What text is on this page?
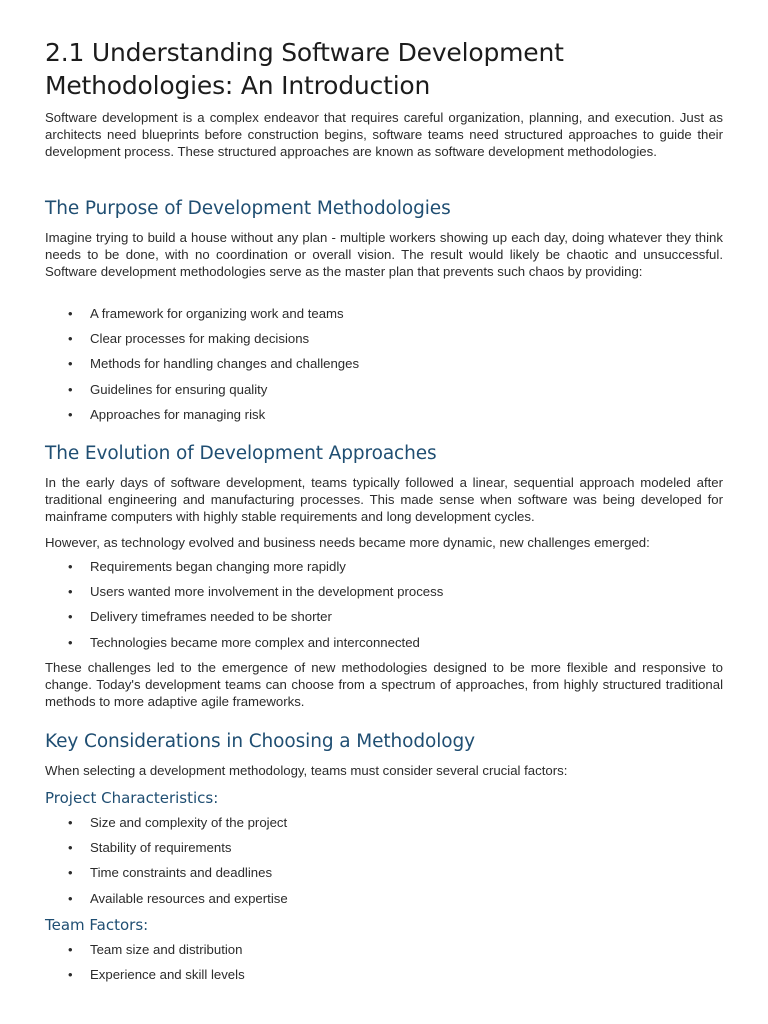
2.1 Understanding Software Development Methodologies: An Introduction

Software development is a complex endeavor that requires careful organization, planning, and execution. Just as architects need blueprints before construction begins, software teams need structured approaches to guide their development process. These structured approaches are known as software development methodologies.

The Purpose of Development Methodologies

Imagine trying to build a house without any plan - multiple workers showing up each day, doing whatever they think needs to be done, with no coordination or overall vision. The result would likely be chaotic and unsuccessful. Software development methodologies serve as the master plan that prevents such chaos by providing:

• A framework for organizing work and teams
• Clear processes for making decisions
• Methods for handling changes and challenges
• Guidelines for ensuring quality
• Approaches for managing risk
The Evolution of Development Approaches

In the early days of software development, teams typically followed a linear, sequential approach modeled after traditional engineering and manufacturing processes. This made sense when software was being developed for mainframe computers with highly stable requirements and long development cycles.

However, as technology evolved and business needs became more dynamic, new challenges emerged:

• Requirements began changing more rapidly
• Users wanted more involvement in the development process
• Delivery timeframes needed to be shorter
• Technologies became more complex and interconnected

These challenges led to the emergence of new methodologies designed to be more flexible and responsive to change. Today's development teams can choose from a spectrum of approaches, from highly structured traditional methods to more adaptive agile frameworks.

Key Considerations in Choosing a Methodology

When selecting a development methodology, teams must consider several crucial factors:

Project Characteristics:
• Size and complexity of the project
• Stability of requirements
• Time constraints and deadlines
• Available resources and expertise
Team Factors:
• Team size and distribution
• Experience and skill levels
